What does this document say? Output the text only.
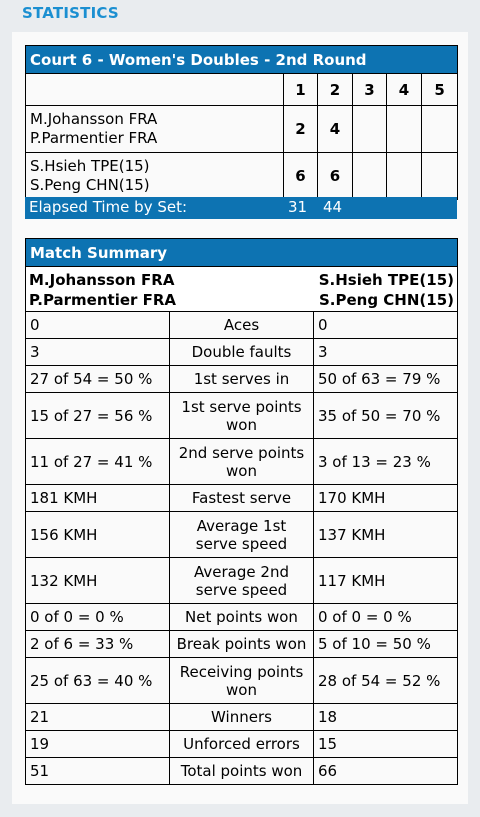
STATISTICS
Court 6 - Women's Doubles - 2nd Round					
	1	2	3	4	5

M.Johansson FRA
P.Parmentier FRA	2	4			

S.Hsieh TPE(15)
S.Peng CHN(15)	6	6			
Elapsed Time by Set:	31 44
Match Summary		

M.Johansson FRA S.Hsieh TPE(15)
P.Parmentier FRA S.Peng CHN(15)		

0	Aces	0
3	Double faults	3
27 of 54 = 50 %	1st serves in	50 of 63 = 79 %
15 of 27 = 56 %	1st serve points won	35 of 50 = 70 %
11 of 27 = 41 %	2nd serve points won	3 of 13 = 23 %
181 KMH	Fastest serve	170 KMH
156 KMH	Average 1st serve speed	137 KMH
132 KMH	Average 2nd serve speed	117 KMH
0 of 0 = 0 %	Net points won	0 of 0 = 0 %
2 of 6 = 33 %	Break points won	5 of 10 = 50 %
25 of 63 = 40 %	Receiving points won	28 of 54 = 52 %
21	Winners	18
19	Unforced errors	15
51	Total points won	66
